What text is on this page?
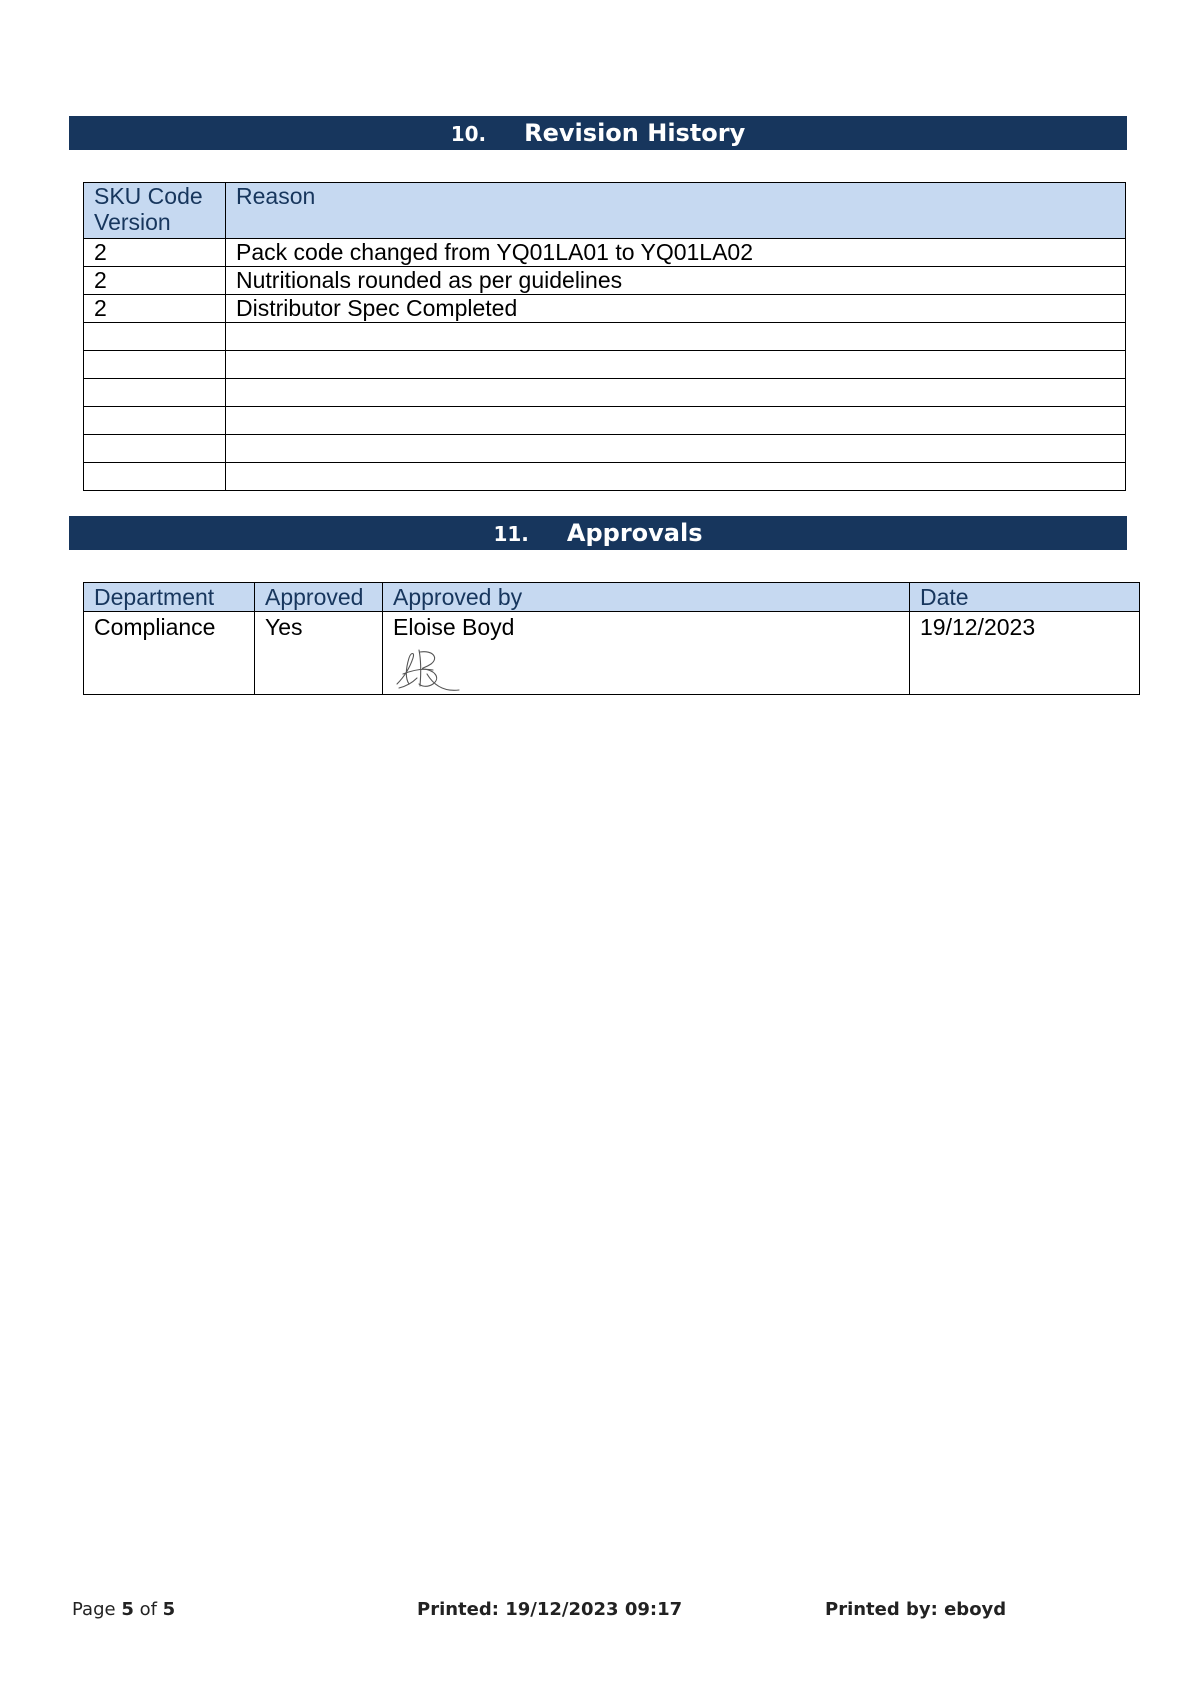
10. Revision History
SKU Code Version	Reason
2	Pack code changed from YQ01LA01 to YQ01LA02
2	Nutritionals rounded as per guidelines
2	Distributor Spec Completed

11. Approvals
Department	Approved	Approved by	Date
Compliance	Yes	Eloise Boyd	19/12/2023
Page 5 of 5	Printed: 19/12/2023 09:17	Printed by: eboyd
